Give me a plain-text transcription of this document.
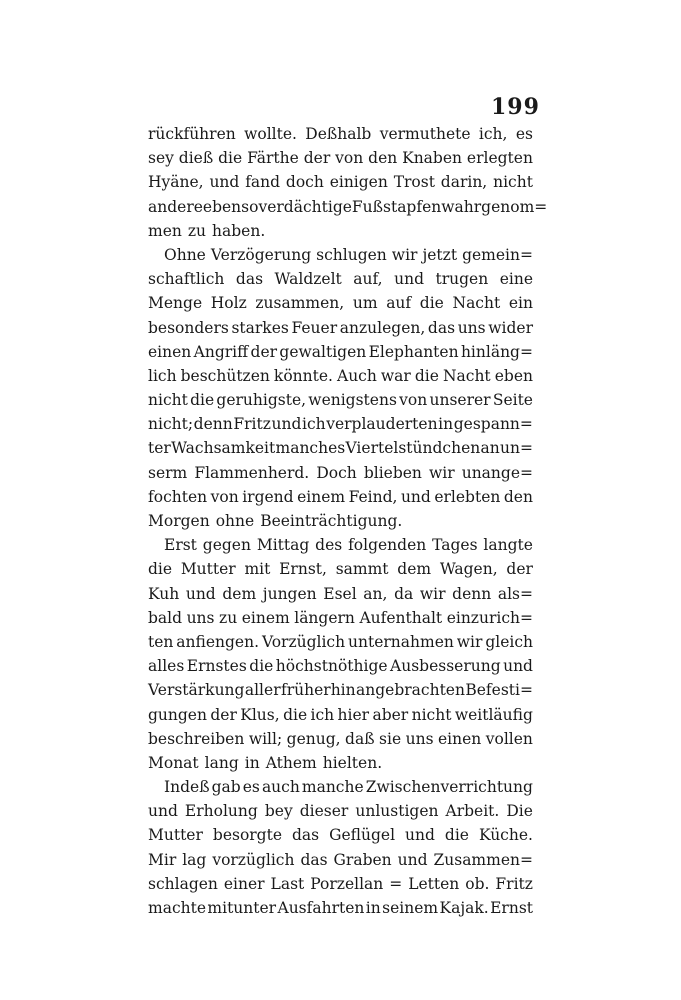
199
rückführen wollte. Deßhalb vermuthete ich, es
sey dieß die Färthe der von den Knaben erlegten
Hyäne, und fand doch einigen Trost darin, nicht
andere eben so verdächtige Fußstapfen wahrgenom=
men zu haben.
Ohne Verzögerung schlugen wir jetzt gemein=
schaftlich das Waldzelt auf, und trugen eine
Menge Holz zusammen, um auf die Nacht ein
besonders starkes Feuer anzulegen, das uns wider
einen Angriff der gewaltigen Elephanten hinläng=
lich beschützen könnte. Auch war die Nacht eben
nicht die geruhigste, wenigstens von unserer Seite
nicht; denn Fritz und ich verplauderten in gespann=
ter Wachsamkeit manches Viertelstündchen an un=
serm Flammenherd. Doch blieben wir unange=
fochten von irgend einem Feind, und erlebten den
Morgen ohne Beeinträchtigung.
Erst gegen Mittag des folgenden Tages langte
die Mutter mit Ernst, sammt dem Wagen, der
Kuh und dem jungen Esel an, da wir denn als=
bald uns zu einem längern Aufenthalt einzurich=
ten anfiengen. Vorzüglich unternahmen wir gleich
alles Ernstes die höchstnöthige Ausbesserung und
Verstärkung aller früherhin angebrachten Befesti=
gungen der Klus, die ich hier aber nicht weitläufig
beschreiben will; genug, daß sie uns einen vollen
Monat lang in Athem hielten.
Indeß gab es auch manche Zwischenverrichtung
und Erholung bey dieser unlustigen Arbeit. Die
Mutter besorgte das Geflügel und die Küche.
Mir lag vorzüglich das Graben und Zusammen=
schlagen einer Last Porzellan = Letten ob. Fritz
machte mitunter Ausfahrten in seinem Kajak. Ernst
